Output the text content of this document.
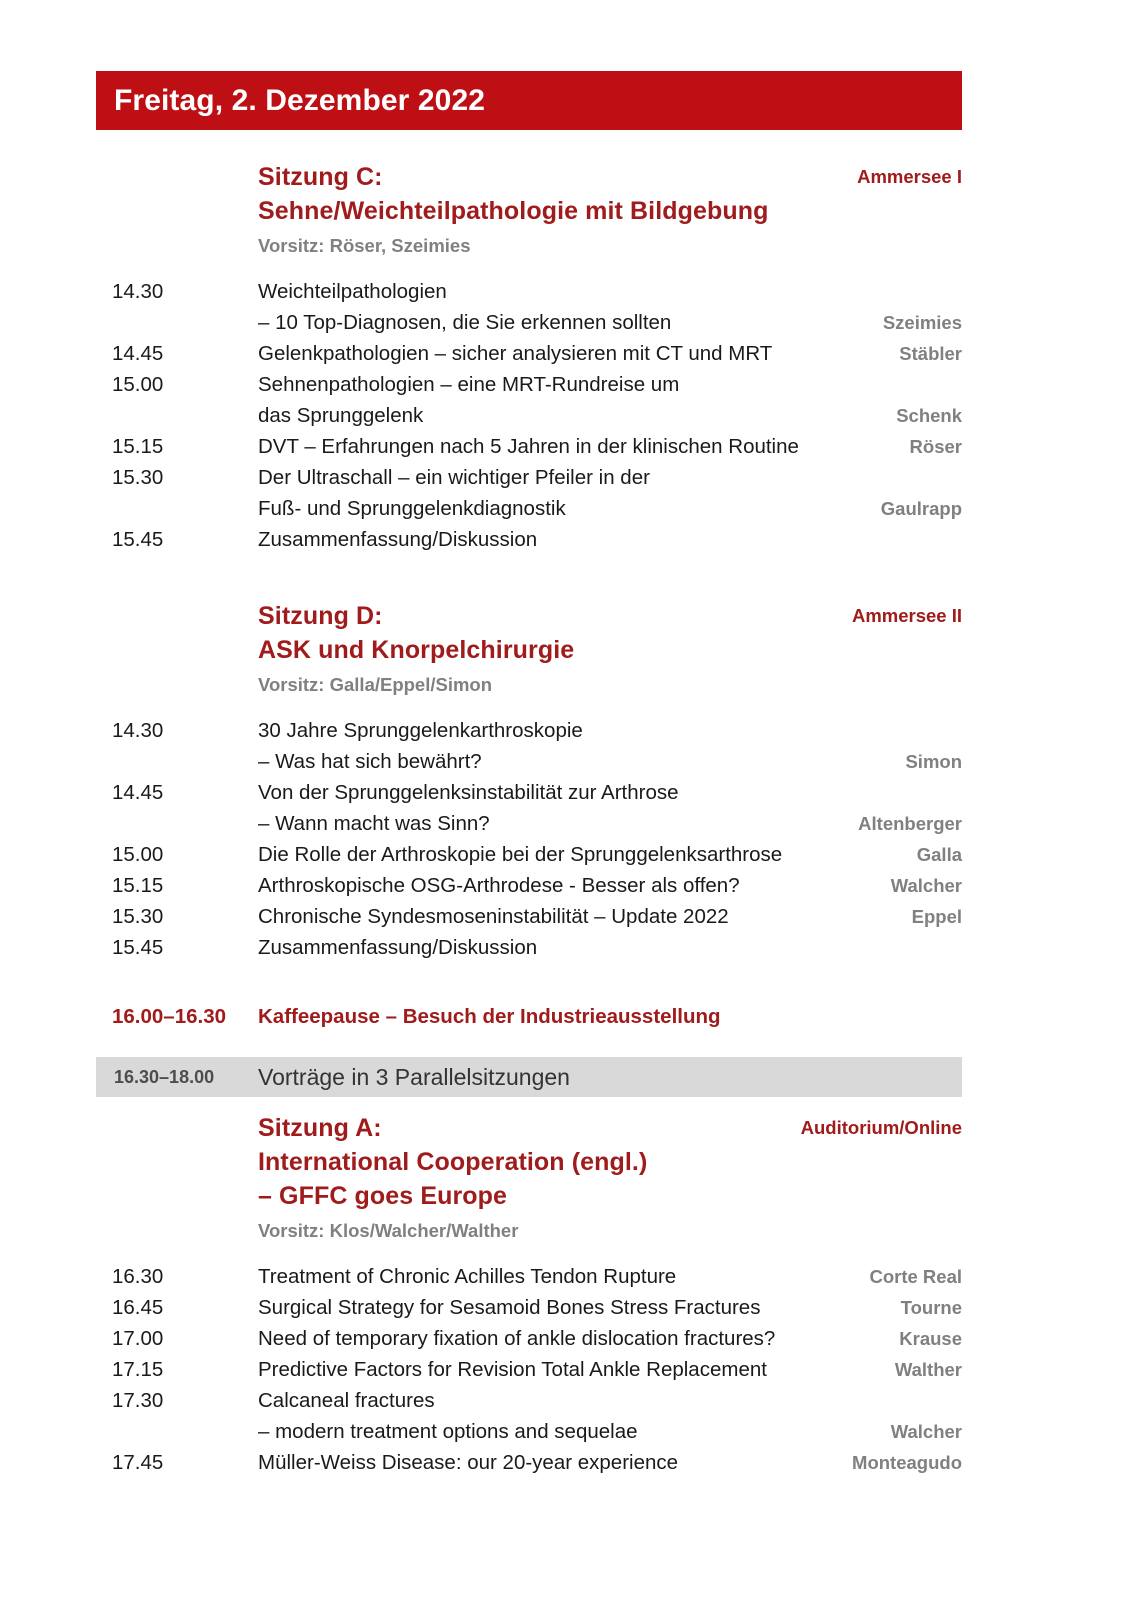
Freitag, 2. Dezember 2022
Sitzung C:
Sehne/Weichteilpathologie mit Bildgebung
Vorsitz: Röser, Szeimies
Ammersee I
14.30	Weichteilpathologien
– 10 Top-Diagnosen, die Sie erkennen sollten
	Szeimies
14.45	Gelenkpathologien – sicher analysieren mit CT und MRT	Stäbler
15.00	Sehnenpathologien – eine MRT-Rundreise um
das Sprunggelenk
	Schenk
15.15	DVT – Erfahrungen nach 5 Jahren in der klinischen Routine	Röser
15.30	Der Ultraschall – ein wichtiger Pfeiler in der
Fuß- und Sprunggelenkdiagnostik
	Gaulrapp
15.45	Zusammenfassung/Diskussion
Sitzung D:
ASK und Knorpelchirurgie
Vorsitz: Galla/Eppel/Simon
Ammersee II
14.30	30 Jahre Sprunggelenkarthroskopie
– Was hat sich bewährt?
	Simon
14.45	Von der Sprunggelenksinstabilität zur Arthrose
– Wann macht was Sinn?
	Altenberger
15.00	Die Rolle der Arthroskopie bei der Sprunggelenksarthrose	Galla
15.15	Arthroskopische OSG-Arthrodese - Besser als offen?	Walcher
15.30	Chronische Syndesmoseninstabilität – Update 2022	Eppel
15.45	Zusammenfassung/Diskussion
16.00–16.30	Kaffeepause – Besuch der Industrieausstellung
16.30–18.00	Vorträge in 3 Parallelsitzungen
Sitzung A:
International Cooperation (engl.)
– GFFC goes Europe
Vorsitz: Klos/Walcher/Walther
Auditorium/Online
16.30	Treatment of Chronic Achilles Tendon Rupture	Corte Real
16.45	Surgical Strategy for Sesamoid Bones Stress Fractures	Tourne
17.00	Need of temporary fixation of ankle dislocation fractures?	Krause
17.15	Predictive Factors for Revision Total Ankle Replacement	Walther
17.30	Calcaneal fractures
– modern treatment options and sequelae
	Walcher
17.45	Müller-Weiss Disease: our 20-year experience	Monteagudo
